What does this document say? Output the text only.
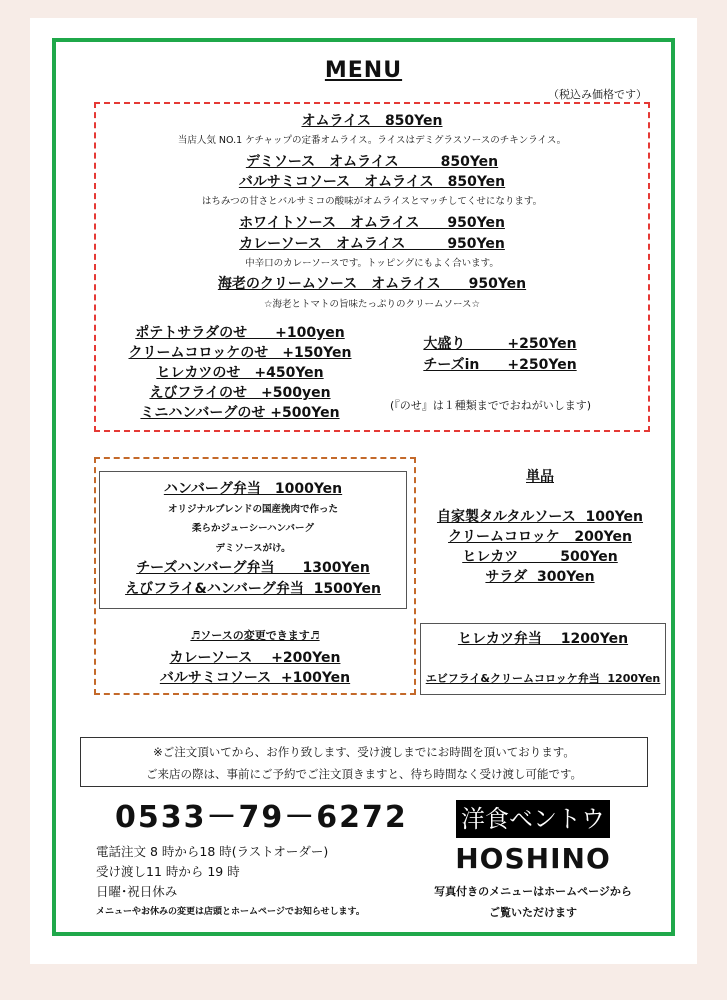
MENU
（税込み価格です）
オムライス　850Yen
当店人気 NO.1 ケチャップの定番オムライス。ライスはデミグラスソースのチキンライス。
デミソース　オムライス　　　850Yen
バルサミコソース　オムライス　850Yen
はちみつの甘さとバルサミコの酸味がオムライスとマッチしてくせになります。
ホワイトソース　オムライス　　950Yen
カレーソース　オムライス　　　950Yen
中辛口のカレーソースです。トッピングにもよく合います。
海老のクリームソース　オムライス　　950Yen
☆海老とトマトの旨味たっぷりのクリームソース☆
ポテトサラダのせ　　+100yen
クリームコロッケのせ　+150Yen
ヒレカツのせ　+450Yen
えびフライのせ　+500yen
ミニハンバーグのせ +500Yen
大盛り　　　+250Yen
チーズin　　+250Yen
(『のせ』は１種類まででおねがいします)
ハンバーグ弁当　1000Yen
オリジナルブレンドの国産挽肉で作った
柔らかジューシーハンバーグ
デミソースがけ。
チーズハンバーグ弁当　　1300Yen
えびフライ&ハンバーグ弁当  1500Yen
♬ソースの変更できます♬
カレーソース　 +200Yen
バルサミコソース  +100Yen
単品
自家製タルタルソース  100Yen
クリームコロッケ   200Yen
ヒレカツ　　　500Yen
サラダ  300Yen
ヒレカツ弁当　 1200Yen
エビフライ&クリームコロッケ弁当  1200Yen
※ご注文頂いてから、お作り致します、受け渡しまでにお時間を頂いております。
ご来店の際は、事前にご予約でご注文頂きますと、待ち時間なく受け渡し可能です。
0533－79－6272
電話注文 8 時から18 時(ラストオーダー)
受け渡し11 時から 19 時
日曜･祝日休み
メニューやお休みの変更は店頭とホームページでお知らせします。
洋食ベントウ
HOSHINO
写真付きのメニューはホームページから
ご覧いただけます
